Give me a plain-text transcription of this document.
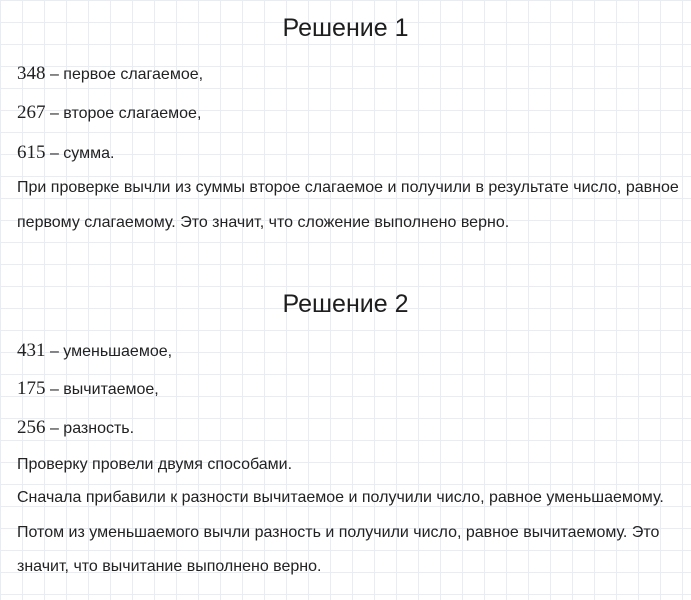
Решение 1
348 – первое слагаемое,
267 – второе слагаемое,
615 – сумма.

При проверке вычли из суммы второе слагаемое и получили в результате число, равное первому слагаемому. Это значит, что сложение выполнено верно.

Решение 2
431 – уменьшаемое,
175 – вычитаемое,
256 – разность.

Проверку провели двумя способами.

Сначала прибавили к разности вычитаемое и получили число, равное уменьшаемому. Потом из уменьшаемого вычли разность и получили число, равное вычитаемому. Это значит, что вычитание выполнено верно.
